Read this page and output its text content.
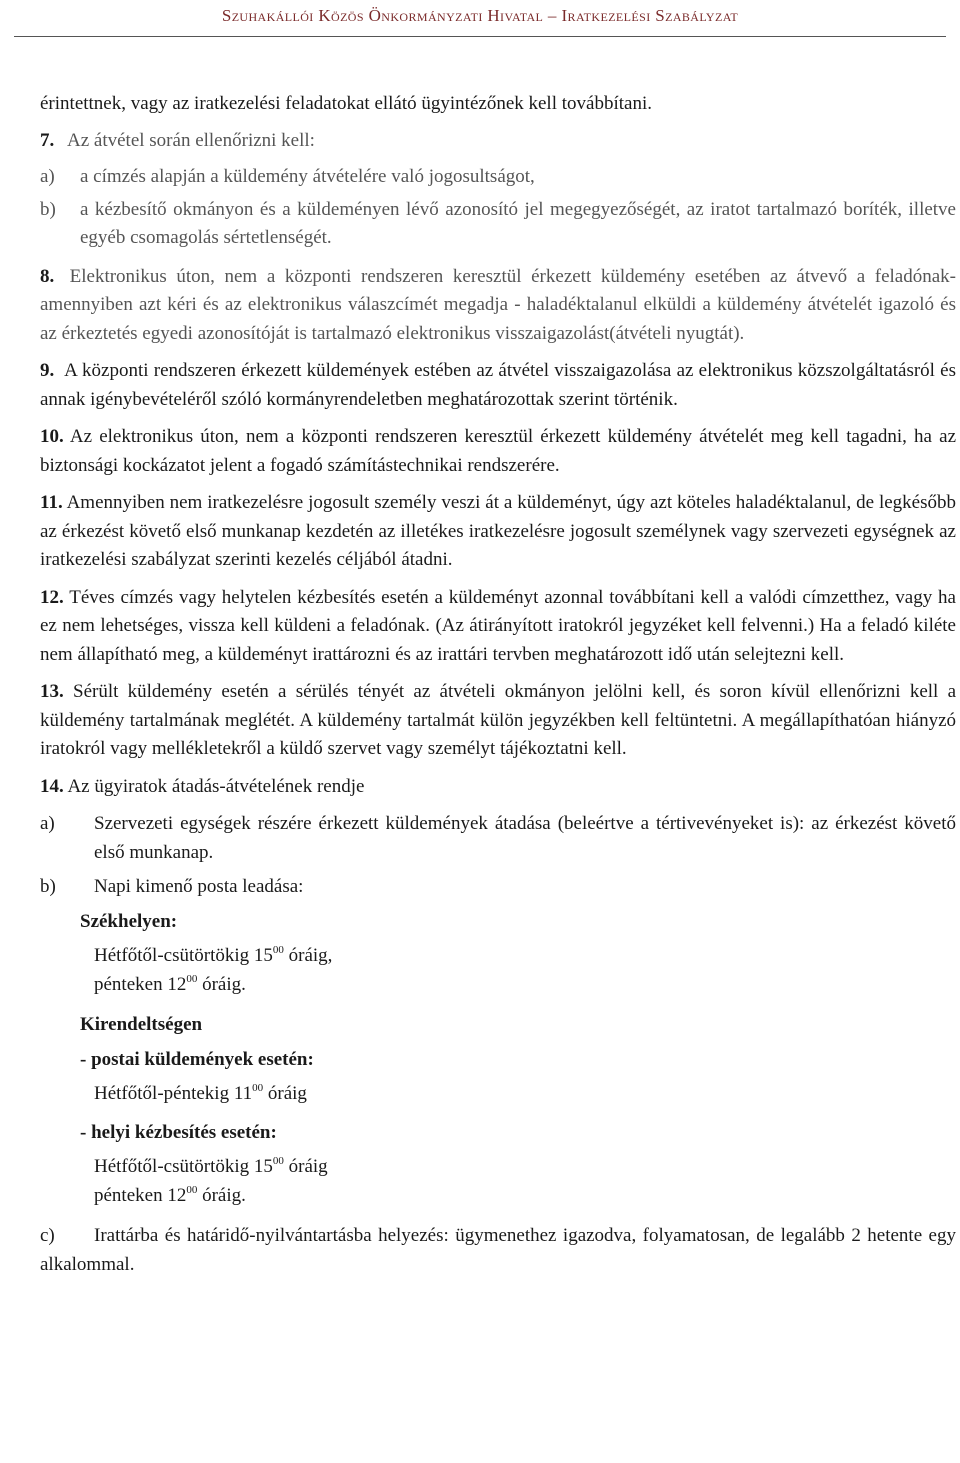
Szuhakállói Közös Önkormányzati Hivatal – Iratkezelési Szabályzat

érintettnek, vagy az iratkezelési feladatokat ellátó ügyintézőnek kell továbbítani.

7. Az átvétel során ellenőrizni kell:

a) a címzés alapján a küldemény átvételére való jogosultságot,

b) a kézbesítő okmányon és a küldeményen lévő azonosító jel megegyezőségét, az iratot tartalmazó boríték, illetve egyéb csomagolás sértetlenségét.

8. Elektronikus úton, nem a központi rendszeren keresztül érkezett küldemény esetében az átvevő a feladónak- amennyiben azt kéri és az elektronikus válaszcímét megadja - haladéktalanul elküldi a küldemény átvételét igazoló és az érkeztetés egyedi azonosítóját is tartalmazó elektronikus visszaigazolást(átvételi nyugtát).

9. A központi rendszeren érkezett küldemények estében az átvétel visszaigazolása az elektronikus közszolgáltatásról és annak igénybevételéről szóló kormányrendeletben meghatározottak szerint történik.

10. Az elektronikus úton, nem a központi rendszeren keresztül érkezett küldemény átvételét meg kell tagadni, ha az biztonsági kockázatot jelent a fogadó számítástechnikai rendszerére.

11. Amennyiben nem iratkezelésre jogosult személy veszi át a küldeményt, úgy azt köteles haladéktalanul, de legkésőbb az érkezést követő első munkanap kezdetén az illetékes iratkezelésre jogosult személynek vagy szervezeti egységnek az iratkezelési szabályzat szerinti kezelés céljából átadni.

12. Téves címzés vagy helytelen kézbesítés esetén a küldeményt azonnal továbbítani kell a valódi címzetthez, vagy ha ez nem lehetséges, vissza kell küldeni a feladónak. (Az átirányított iratokról jegyzéket kell felvenni.) Ha a feladó kiléte nem állapítható meg, a küldeményt irattározni és az irattári tervben meghatározott idő után selejtezni kell.

13. Sérült küldemény esetén a sérülés tényét az átvételi okmányon jelölni kell, és soron kívül ellenőrizni kell a küldemény tartalmának meglétét. A küldemény tartalmát külön jegyzékben kell feltüntetni. A megállapíthatóan hiányzó iratokról vagy mellékletekről a küldő szervet vagy személyt tájékoztatni kell.

14. Az ügyiratok átadás-átvételének rendje

a) Szervezeti egységek részére érkezett küldemények átadása (beleértve a tértivevényeket is): az érkezést követő első munkanap.

b) Napi kimenő posta leadása:

Székhelyen:

Hétfőtől-csütörtökig $15^{00}$ óráig,

pénteken $12^{00}$ óráig.

Kirendeltségen

- postai küldemények esetén:

Hétfőtől-péntekig $11^{00}$ óráig

- helyi kézbesítés esetén:

Hétfőtől-csütörtökig $15^{00}$ óráig

pénteken $12^{00}$ óráig.

c) Irattárba és határidő-nyilvántartásba helyezés: ügymenethez igazodva, folyamatosan, de legalább 2 hetente egy alkalommal.
